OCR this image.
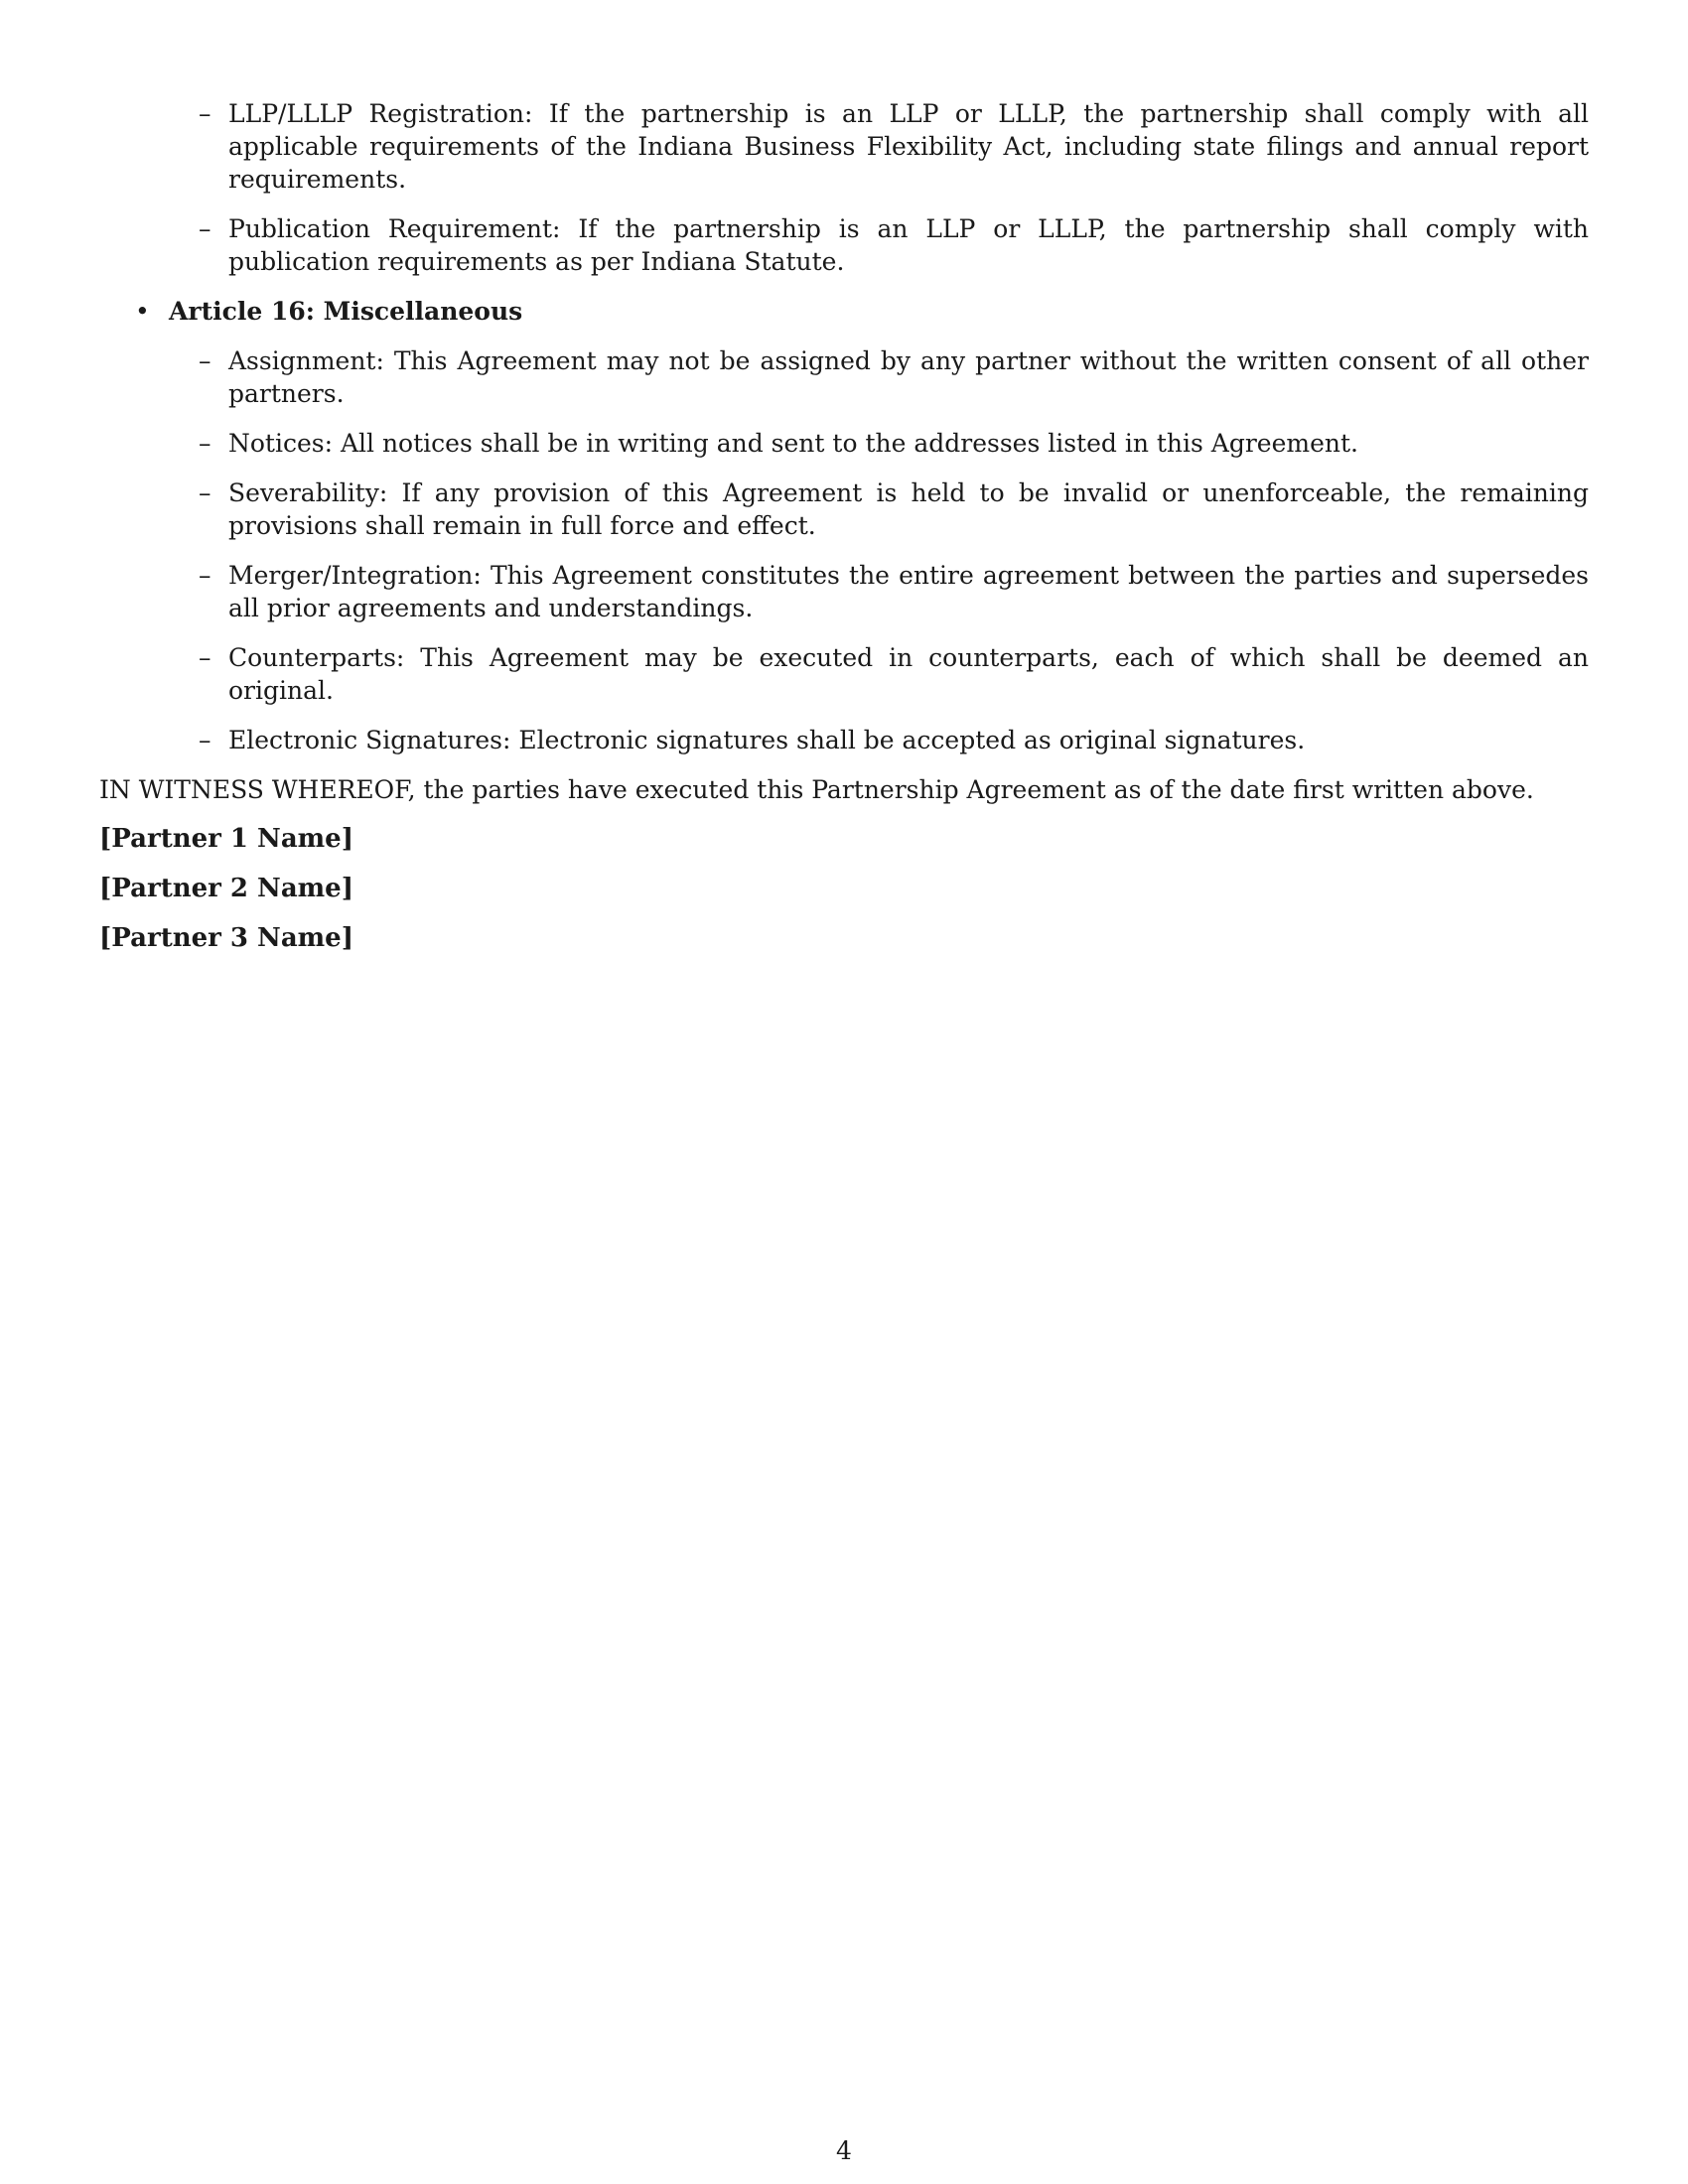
– LLP/LLLP Registration: If the partnership is an LLP or LLLP, the partnership shall comply with all applicable requirements of the Indiana Business Flexibility Act, including state filings and annual report requirements.
– Publication Requirement: If the partnership is an LLP or LLLP, the partnership shall comply with publication requirements as per Indiana Statute.
• Article 16: Miscellaneous
– Assignment: This Agreement may not be assigned by any partner without the written consent of all other partners.
– Notices: All notices shall be in writing and sent to the addresses listed in this Agreement.
– Severability: If any provision of this Agreement is held to be invalid or unenforceable, the remaining provisions shall remain in full force and effect.
– Merger/Integration: This Agreement constitutes the entire agreement between the parties and supersedes all prior agreements and understandings.
– Counterparts: This Agreement may be executed in counterparts, each of which shall be deemed an original.
– Electronic Signatures: Electronic signatures shall be accepted as original signatures.

IN WITNESS WHEREOF, the parties have executed this Partnership Agreement as of the date first written above.

[Partner 1 Name]

[Partner 2 Name]

[Partner 3 Name]

4
